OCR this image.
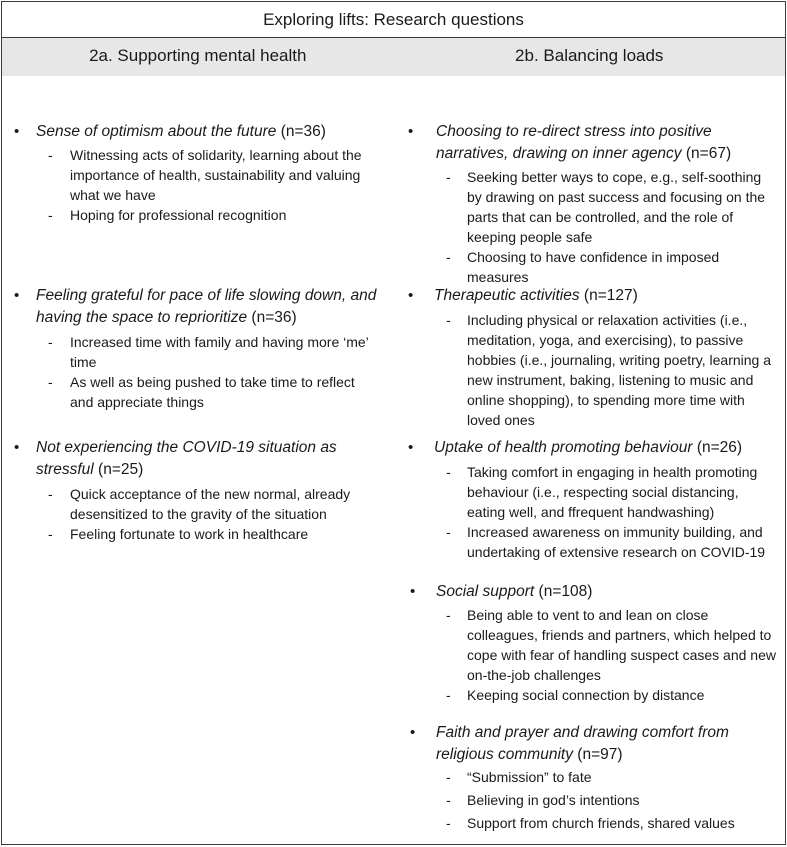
Exploring lifts: Research questions
2a. Supporting mental health	2b. Balancing loads
• Sense of optimism about the future (n=36)
- Witnessing acts of solidarity, learning about the importance of health, sustainability and valuing what we have
- Hoping for professional recognition
• Feeling grateful for pace of life slowing down, and having the space to reprioritize (n=36)
- Increased time with family and having more ‘me’ time
- As well as being pushed to take time to reflect and appreciate things
• Not experiencing the COVID-19 situation as stressful (n=25)
- Quick acceptance of the new normal, already desensitized to the gravity of the situation
- Feeling fortunate to work in healthcare
• Choosing to re-direct stress into positive narratives, drawing on inner agency (n=67)
- Seeking better ways to cope, e.g., self-soothing by drawing on past success and focusing on the parts that can be controlled, and the role of keeping people safe
- Choosing to have confidence in imposed measures
• Therapeutic activities (n=127)
- Including physical or relaxation activities (i.e., meditation, yoga, and exercising), to passive hobbies (i.e., journaling, writing poetry, learning a new instrument, baking, listening to music and online shopping), to spending more time with loved ones
• Uptake of health promoting behaviour (n=26)
- Taking comfort in engaging in health promoting behaviour (i.e., respecting social distancing, eating well, and ffrequent handwashing)
- Increased awareness on immunity building, and undertaking of extensive research on COVID-19
• Social support (n=108)
- Being able to vent to and lean on close colleagues, friends and partners, which helped to cope with fear of handling suspect cases and new on-the-job challenges
- Keeping social connection by distance
• Faith and prayer and drawing comfort from religious community (n=97)
- “Submission” to fate
- Believing in god’s intentions
- Support from church friends, shared values
